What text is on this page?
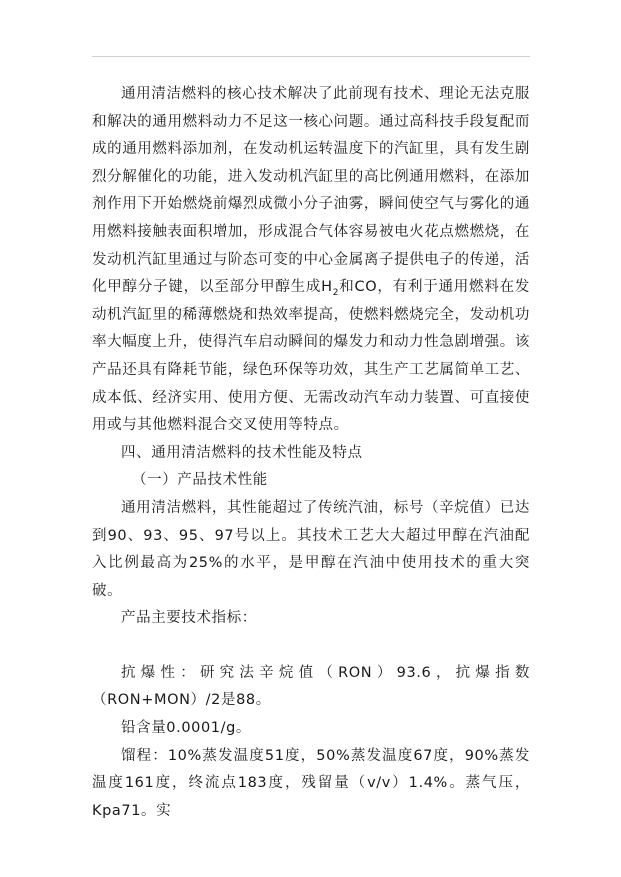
通用清洁燃料的核心技术解决了此前现有技术、理论无法克服和解决的通用燃料动力不足这一核心问题。通过高科技手段复配而成的通用燃料添加剂，在发动机运转温度下的汽缸里，具有发生剧烈分解催化的功能，进入发动机汽缸里的高比例通用燃料，在添加剂作用下开始燃烧前爆烈成微小分子油雾，瞬间使空气与雾化的通用燃料接触表面积增加，形成混合气体容易被电火花点燃燃烧，在发动机汽缸里通过与阶态可变的中心金属离子提供电子的传递，活化甲醇分子键，以至部分甲醇生成$H_2$和CO，有利于通用燃料在发动机汽缸里的稀薄燃烧和热效率提高，使燃料燃烧完全，发动机功率大幅度上升，使得汽车启动瞬间的爆发力和动力性急剧增强。该产品还具有降耗节能，绿色环保等功效，其生产工艺属简单工艺、成本低、经济实用、使用方便、无需改动汽车动力装置、可直接使用或与其他燃料混合交叉使用等特点。

四、通用清洁燃料的技术性能及特点

（一）产品技术性能

通用清洁燃料，其性能超过了传统汽油，标号（辛烷值）已达到90、93、95、97号以上。其技术工艺大大超过甲醇在汽油配入比例最高为25%的水平，是甲醇在汽油中使用技术的重大突破。

产品主要技术指标：

抗爆性：研究法辛烷值（RON）93.6，抗爆指数（RON+MON）/2是88。

铅含量0.0001/g。

馏程：10%蒸发温度51度，50%蒸发温度67度，90%蒸发温度161度，终流点183度，残留量（v/v）1.4%。蒸气压，Kpa71。实
